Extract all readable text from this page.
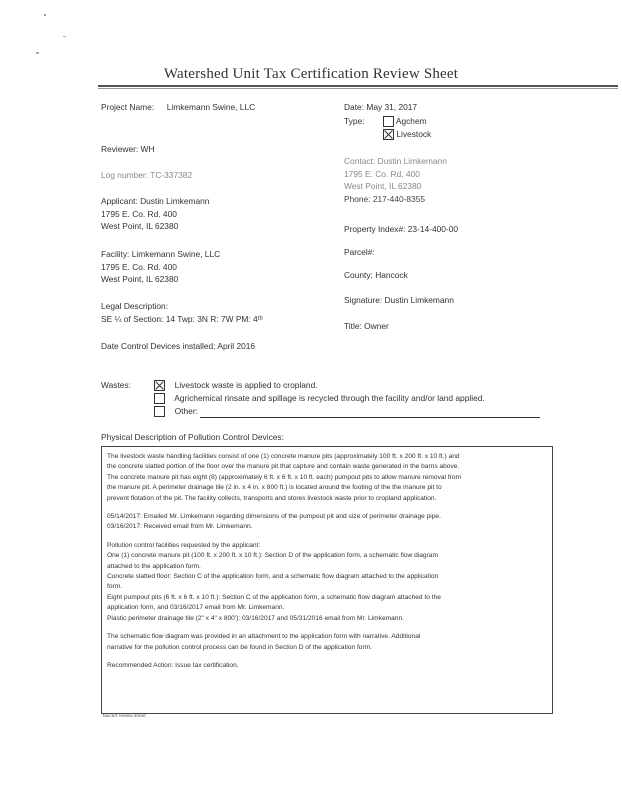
Watershed Unit Tax Certification Review Sheet
Project Name: Limkemann Swine, LLC
Reviewer: WH
Log number: TC-337382
Applicant: Dustin Limkemann
1795 E. Co. Rd. 400
West Point, IL 62380
Facility: Limkemann Swine, LLC
1795 E. Co. Rd. 400
West Point, IL 62380
Legal Description:
SE ¼ of Section: 14 Twp: 3N R: 7W PM: 4ᵗʰ
Date Control Devices installed: April 2016
Date: May 31, 2017
Type:	Agchem
Livestock
Contact: Dustin Limkemann
1795 E. Co. Rd. 400
West Point, IL 62380
Phone: 217-440-8355
Property Index#: 23-14-400-00
Parcel#:
County: Hancock
Signature: Dustin Limkemann
Title: Owner
Wastes:	Livestock waste is applied to cropland.
Agrichemical rinsate and spillage is recycled through the facility and/or land applied.
Other:
Physical Description of Pollution Control Devices:

The livestock waste handling facilities consist of one (1) concrete manure pits (approximately 100 ft. x 200 ft. x 10 ft.) and

the concrete slatted portion of the floor over the manure pit that capture and contain waste generated in the barns above.

The concrete manure pit has eight (8) (approximately 6 ft. x 6 ft. x 10 ft. each) pumpout pits to allow manure removal from

the manure pit. A perimeter drainage tile (2 in. x 4 in. x 800 ft.) is located around the footing of the the manure pit to

prevent flotation of the pit. The facility collects, transports and stores livestock waste prior to cropland application.

05/14/2017: Emailed Mr. Limkemann regarding dimensions of the pumpout pit and size of perimeter drainage pipe.

03/16/2017: Received email from Mr. Limkemann.

Pollution control facilities requested by the applicant:

One (1) concrete manure pit (100 ft. x 200 ft. x 10 ft.): Section D of the application form, a schematic flow diagram

attached to the application form.

Concrete slatted floor: Section C of the application form, and a schematic flow diagram attached to the application

form.

Eight pumpout pits (6 ft. x 6 ft. x 10 ft.): Section C of the application form, a schematic flow diagram attached to the

application form, and 03/16/2017 email from Mr. Limkemann.

Plastic perimeter drainage tile (2" x 4" x 800'): 03/16/2017 and 05/31/2016 email from Mr. Limkemann.

The schematic flow diagram was provided in an attachment to the application form with narrative. Additional

narrative for the pollution control process can be found in Section D of the application form.

Recommended Action: Issue tax certification.

taxcert review sheet
